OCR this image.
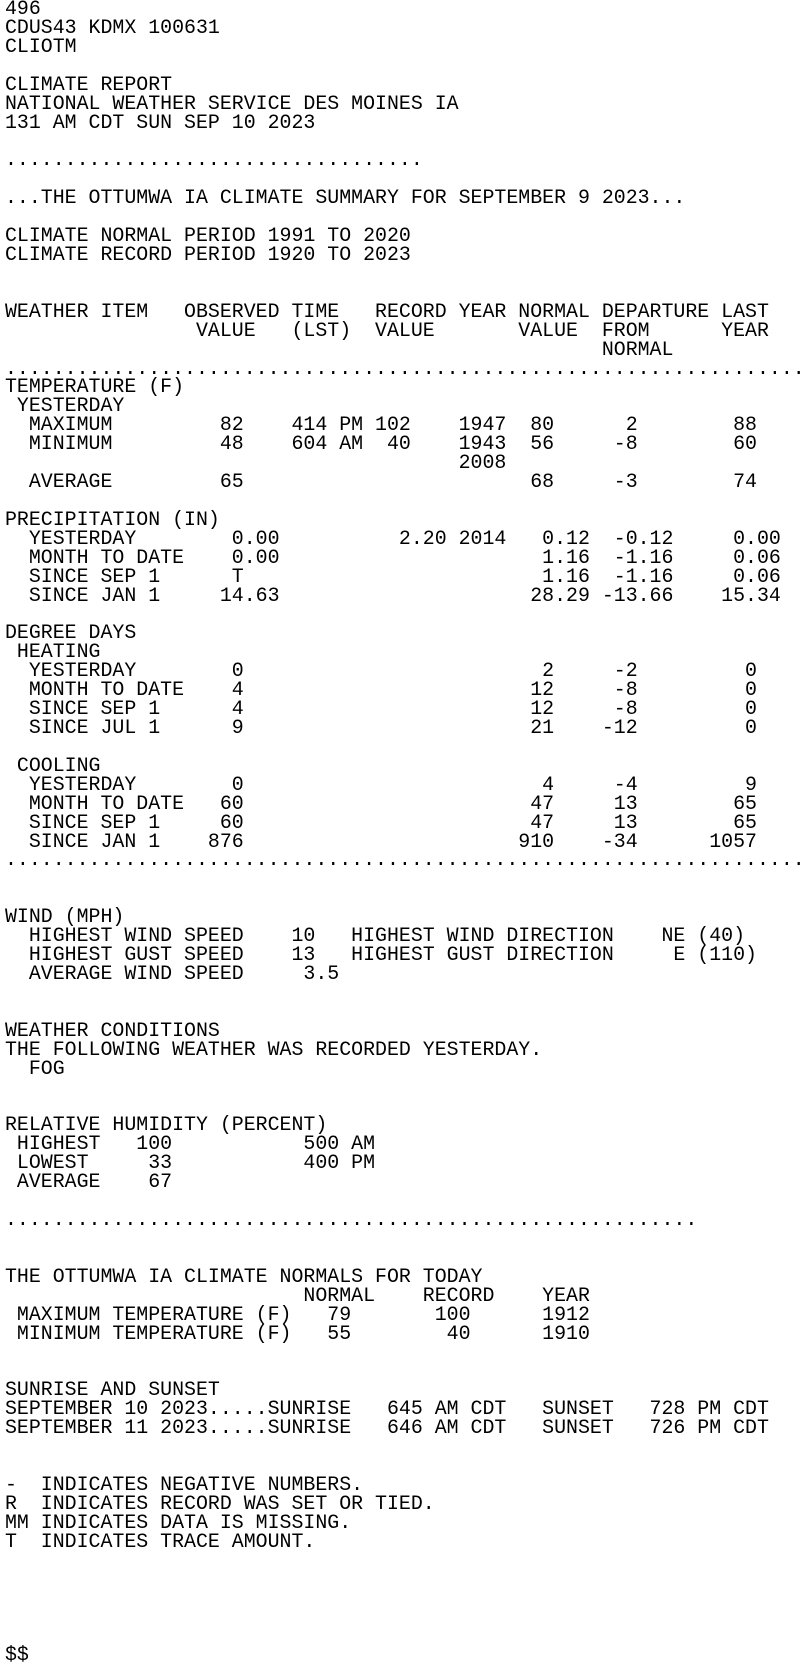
496
CDUS43 KDMX 100631
CLIOTM
CLIMATE REPORT
NATIONAL WEATHER SERVICE DES MOINES IA
131 AM CDT SUN SEP 10 2023
...................................
...THE OTTUMWA IA CLIMATE SUMMARY FOR SEPTEMBER 9 2023...
CLIMATE NORMAL PERIOD 1991 TO 2020
CLIMATE RECORD PERIOD 1920 TO 2023
WEATHER ITEM   OBSERVED TIME   RECORD YEAR NORMAL DEPARTURE LAST
VALUE   (LST)  VALUE       VALUE  FROM      YEAR
NORMAL
...................................................................
TEMPERATURE (F)
YESTERDAY
MAXIMUM         82    414 PM 102    1947  80      2        88
MINIMUM         48    604 AM  40    1943  56     -8        60
2008
AVERAGE         65                        68     -3        74
PRECIPITATION (IN)
YESTERDAY        0.00          2.20 2014   0.12  -0.12     0.00
MONTH TO DATE    0.00                      1.16  -1.16     0.06
SINCE SEP 1      T                         1.16  -1.16     0.06
SINCE JAN 1     14.63                     28.29 -13.66    15.34
DEGREE DAYS
HEATING
YESTERDAY        0                         2     -2         0
MONTH TO DATE    4                        12     -8         0
SINCE SEP 1      4                        12     -8         0
SINCE JUL 1      9                        21    -12         0
COOLING
YESTERDAY        0                         4     -4         9
MONTH TO DATE   60                        47     13        65
SINCE SEP 1     60                        47     13        65
SINCE JAN 1    876                       910    -34      1057
...................................................................
WIND (MPH)
HIGHEST WIND SPEED    10   HIGHEST WIND DIRECTION    NE (40)
HIGHEST GUST SPEED    13   HIGHEST GUST DIRECTION     E (110)
AVERAGE WIND SPEED     3.5
WEATHER CONDITIONS
THE FOLLOWING WEATHER WAS RECORDED YESTERDAY.
FOG
RELATIVE HUMIDITY (PERCENT)
HIGHEST   100           500 AM
LOWEST     33           400 PM
AVERAGE    67
..........................................................
THE OTTUMWA IA CLIMATE NORMALS FOR TODAY
NORMAL    RECORD    YEAR
MAXIMUM TEMPERATURE (F)   79       100      1912
MINIMUM TEMPERATURE (F)   55        40      1910
SUNRISE AND SUNSET
SEPTEMBER 10 2023.....SUNRISE   645 AM CDT   SUNSET   728 PM CDT
SEPTEMBER 11 2023.....SUNRISE   646 AM CDT   SUNSET   726 PM CDT
-  INDICATES NEGATIVE NUMBERS.
R  INDICATES RECORD WAS SET OR TIED.
MM INDICATES DATA IS MISSING.
T  INDICATES TRACE AMOUNT.
$$
